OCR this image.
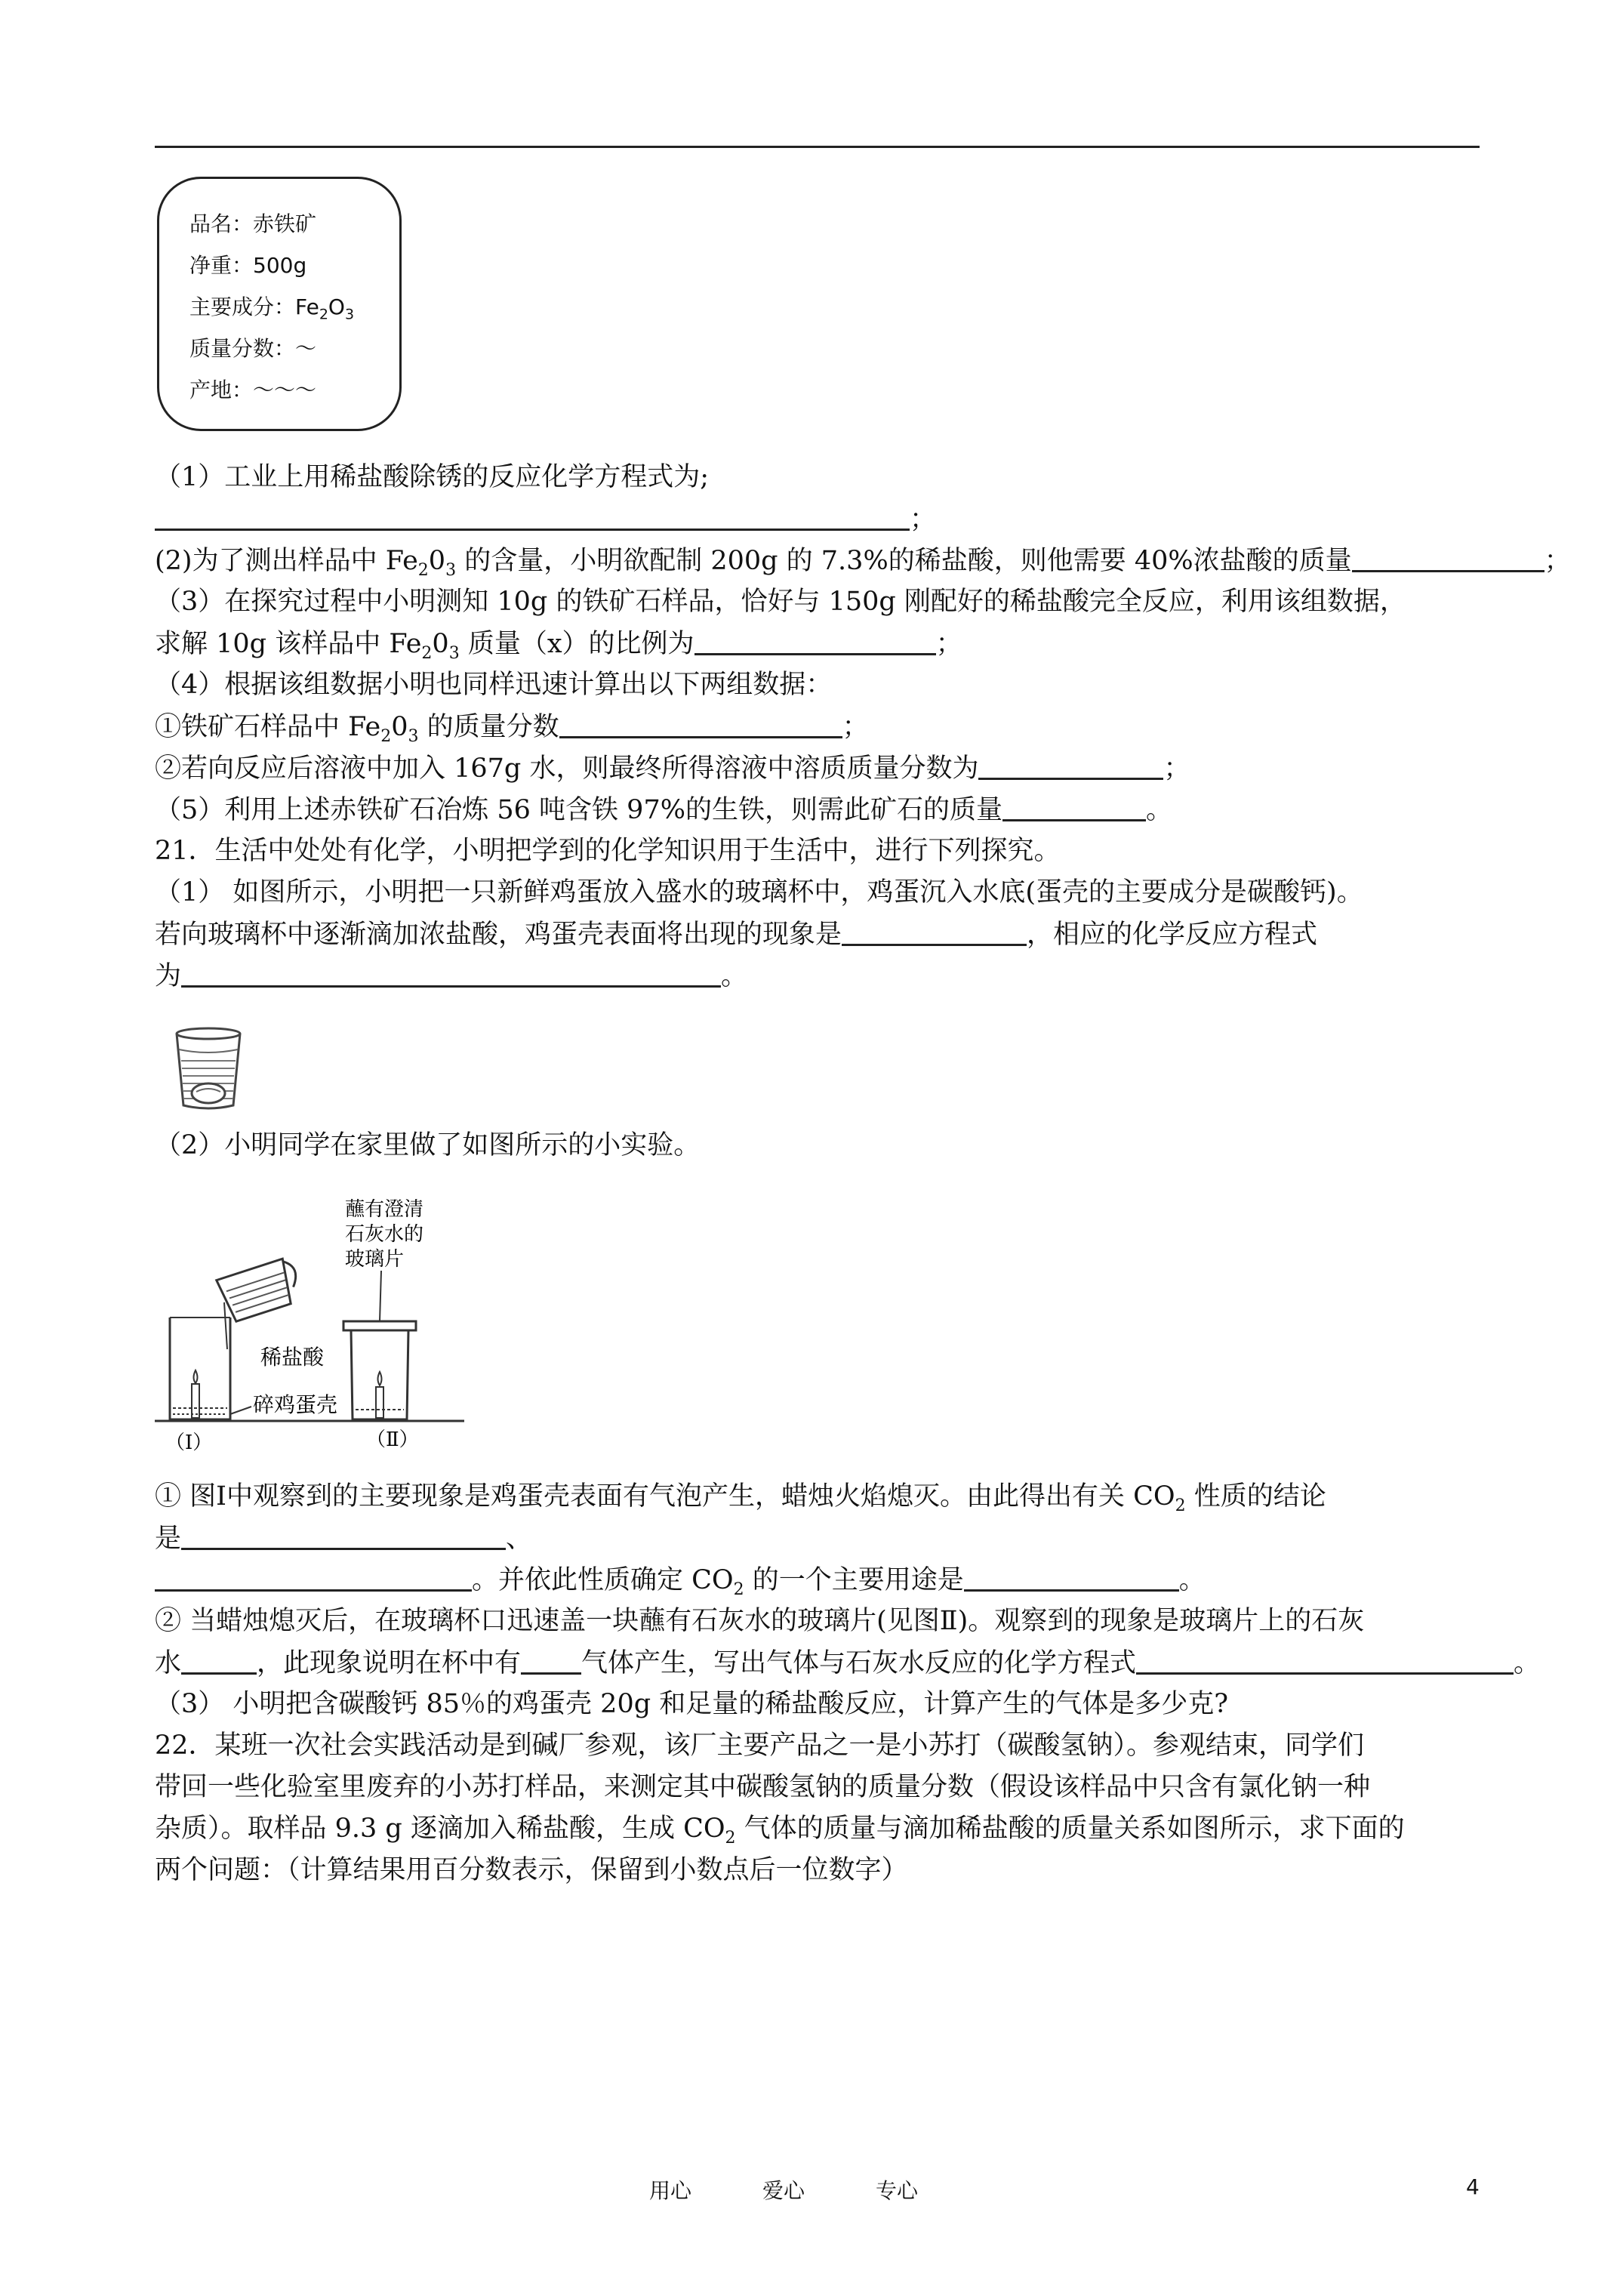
品名：赤铁矿
净重：500g
主要成分：$Fe_2O_3$
质量分数：～
产地：～～～
（1）工业上用稀盐酸除锈的反应化学方程式为;
；
(2)为了测出样品中 $Fe_20_3$ 的含量，小明欲配制 200g 的 7.3%的稀盐酸，则他需要 40%浓盐酸的质量	；
（3）在探究过程中小明测知 10g 的铁矿石样品，恰好与 150g 刚配好的稀盐酸完全反应，利用该组数据，
求解 10g 该样品中 $Fe_20_3$ 质量（x）的比例为	；
（4）根据该组数据小明也同样迅速计算出以下两组数据：
①铁矿石样品中 $Fe_20_3$ 的质量分数	；
②若向反应后溶液中加入 167g 水，则最终所得溶液中溶质质量分数为	；
（5）利用上述赤铁矿石冶炼 56 吨含铁 97%的生铁，则需此矿石的质量	。
21．生活中处处有化学，小明把学到的化学知识用于生活中，进行下列探究。
（1） 如图所示，小明把一只新鲜鸡蛋放入盛水的玻璃杯中，鸡蛋沉入水底(蛋壳的主要成分是碳酸钙)。
若向玻璃杯中逐渐滴加浓盐酸，鸡蛋壳表面将出现的现象是	，相应的化学反应方程式
为	。
（2）小明同学在家里做了如图所示的小实验。
稀盐酸
碎鸡蛋壳
蘸有澄清
石灰水的
玻璃片
（Ⅰ）	（Ⅱ）
① 图Ⅰ中观察到的主要现象是鸡蛋壳表面有气泡产生，蜡烛火焰熄灭。由此得出有关 $CO_2$ 性质的结论
是	、
。并依此性质确定 $CO_2$ 的一个主要用途是	。
② 当蜡烛熄灭后，在玻璃杯口迅速盖一块蘸有石灰水的玻璃片(见图Ⅱ)。观察到的现象是玻璃片上的石灰
水	，此现象说明在杯中有 气体产生，写出气体与石灰水反应的化学方程式	。
（3） 小明把含碳酸钙 85％的鸡蛋壳 20g 和足量的稀盐酸反应，计算产生的气体是多少克?
22．某班一次社会实践活动是到碱厂参观，该厂主要产品之一是小苏打（碳酸氢钠）。参观结束，同学们
带回一些化验室里废弃的小苏打样品，来测定其中碳酸氢钠的质量分数（假设该样品中只含有氯化钠一种
杂质）。取样品 9.3 g 逐滴加入稀盐酸，生成 $CO_2$ 气体的质量与滴加稀盐酸的质量关系如图所示，求下面的
两个问题：（计算结果用百分数表示，保留到小数点后一位数字）
用心	爱心	专心	4
